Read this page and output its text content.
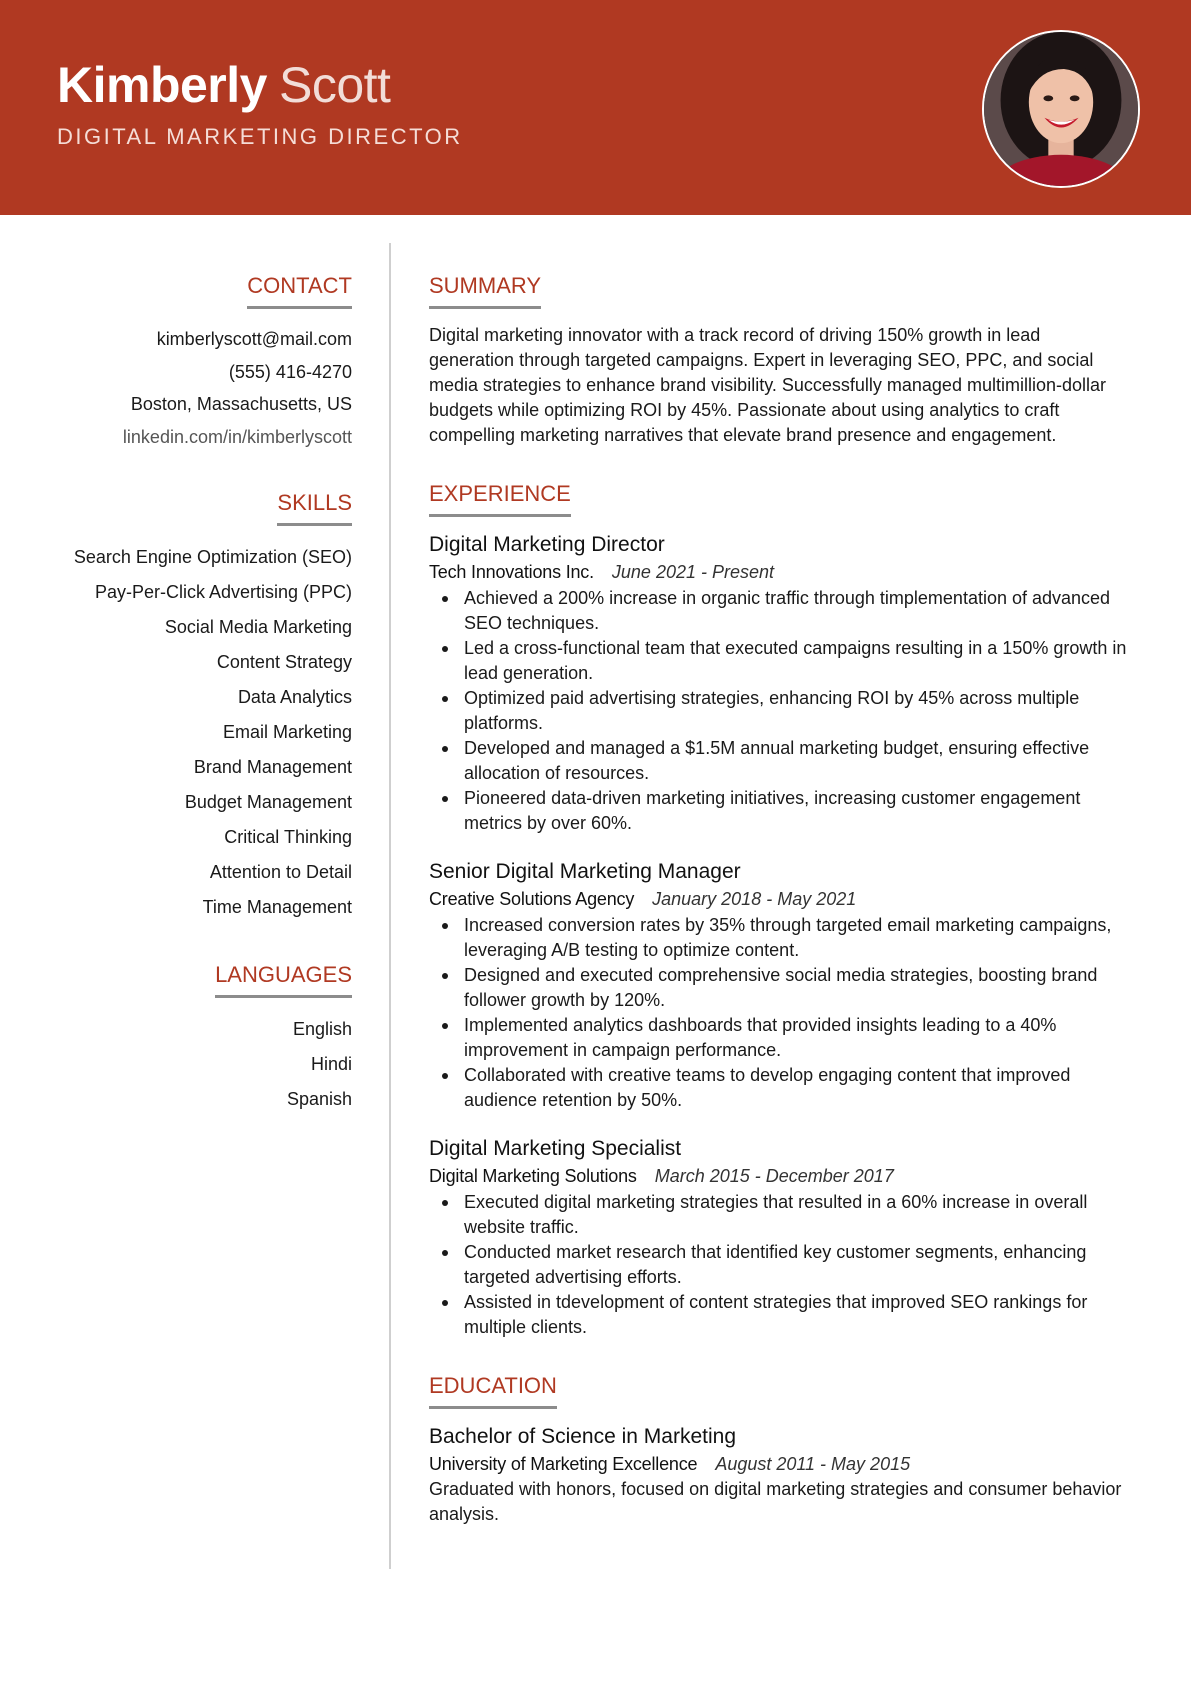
Kimberly Scott
DIGITAL MARKETING DIRECTOR
CONTACT
kimberlyscott@mail.com
(555) 416-4270
Boston, Massachusetts, US
linkedin.com/in/kimberlyscott
SKILLS
Search Engine Optimization (SEO)
Pay-Per-Click Advertising (PPC)
Social Media Marketing
Content Strategy
Data Analytics
Email Marketing
Brand Management
Budget Management
Critical Thinking
Attention to Detail
Time Management
LANGUAGES
English
Hindi
Spanish
SUMMARY

Digital marketing innovator with a track record of driving 150% growth in lead generation through targeted campaigns. Expert in leveraging SEO, PPC, and social media strategies to enhance brand visibility. Successfully managed multimillion-dollar budgets while optimizing ROI by 45%. Passionate about using analytics to craft compelling marketing narratives that elevate brand presence and engagement.

EXPERIENCE
Digital Marketing Director
Tech Innovations Inc. June 2021 - Present
Achieved a 200% increase in organic traffic through timplementation of advanced SEO techniques.
Led a cross-functional team that executed campaigns resulting in a 150% growth in lead generation.
Optimized paid advertising strategies, enhancing ROI by 45% across multiple platforms.
Developed and managed a $1.5M annual marketing budget, ensuring effective allocation of resources.
Pioneered data-driven marketing initiatives, increasing customer engagement metrics by over 60%.
Senior Digital Marketing Manager
Creative Solutions Agency January 2018 - May 2021
Increased conversion rates by 35% through targeted email marketing campaigns, leveraging A/B testing to optimize content.
Designed and executed comprehensive social media strategies, boosting brand follower growth by 120%.
Implemented analytics dashboards that provided insights leading to a 40% improvement in campaign performance.
Collaborated with creative teams to develop engaging content that improved audience retention by 50%.
Digital Marketing Specialist
Digital Marketing Solutions March 2015 - December 2017
Executed digital marketing strategies that resulted in a 60% increase in overall website traffic.
Conducted market research that identified key customer segments, enhancing targeted advertising efforts.
Assisted in tdevelopment of content strategies that improved SEO rankings for multiple clients.
EDUCATION
Bachelor of Science in Marketing
University of Marketing Excellence August 2011 - May 2015

Graduated with honors, focused on digital marketing strategies and consumer behavior analysis.
